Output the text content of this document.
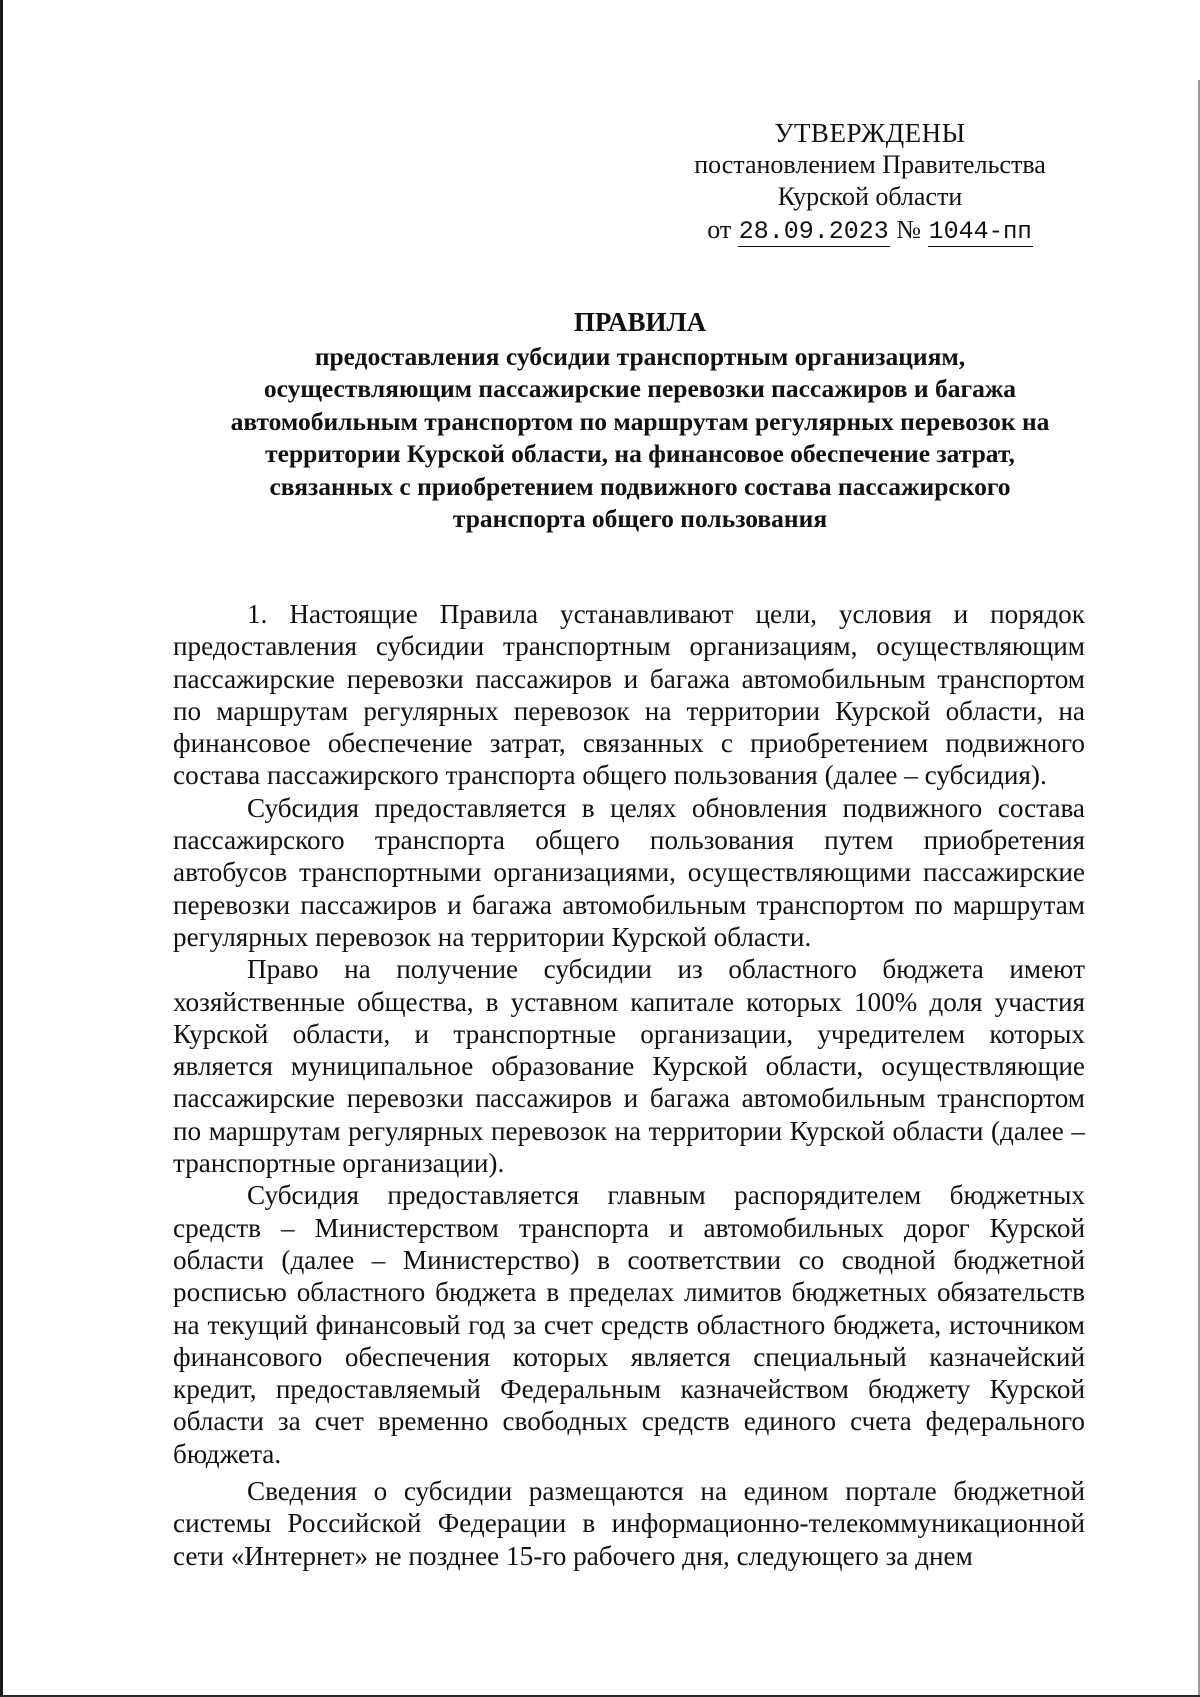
УТВЕРЖДЕНЫ
постановлением Правительства
Курской области
от 28.09.2023 № 1044-пп
ПРАВИЛА
предоставления субсидии транспортным организациям,
осуществляющим пассажирские перевозки пассажиров и багажа
автомобильным транспортом по маршрутам регулярных перевозок на
территории Курской области, на финансовое обеспечение затрат,
связанных с приобретением подвижного состава пассажирского
транспорта общего пользования

1. Настоящие Правила устанавливают цели, условия и порядок предоставления субсидии транспортным организациям, осуществляющим пассажирские перевозки пассажиров и багажа автомобильным транспортом по маршрутам регулярных перевозок на территории Курской области, на финансовое обеспечение затрат, связанных с приобретением подвижного состава пассажирского транспорта общего пользования (далее – субсидия).

Субсидия предоставляется в целях обновления подвижного состава пассажирского транспорта общего пользования путем приобретения автобусов транспортными организациями, осуществляющими пассажирские перевозки пассажиров и багажа автомобильным транспортом по маршрутам регулярных перевозок на территории Курской области.

Право на получение субсидии из областного бюджета имеют хозяйственные общества, в уставном капитале которых 100% доля участия Курской области, и транспортные организации, учредителем которых является муниципальное образование Курской области, осуществляющие пассажирские перевозки пассажиров и багажа автомобильным транспортом по маршрутам регулярных перевозок на территории Курской области (далее – транспортные организации).

Субсидия предоставляется главным распорядителем бюджетных средств – Министерством транспорта и автомобильных дорог Курской области (далее – Министерство) в соответствии со сводной бюджетной росписью областного бюджета в пределах лимитов бюджетных обязательств на текущий финансовый год за счет средств областного бюджета, источником финансового обеспечения которых является специальный казначейский кредит, предоставляемый Федеральным казначейством бюджету Курской области за счет временно свободных средств единого счета федерального бюджета.

Сведения о субсидии размещаются на едином портале бюджетной системы Российской Федерации в информационно-телекоммуникационной сети «Интернет» не позднее 15-го рабочего дня, следующего за днем
